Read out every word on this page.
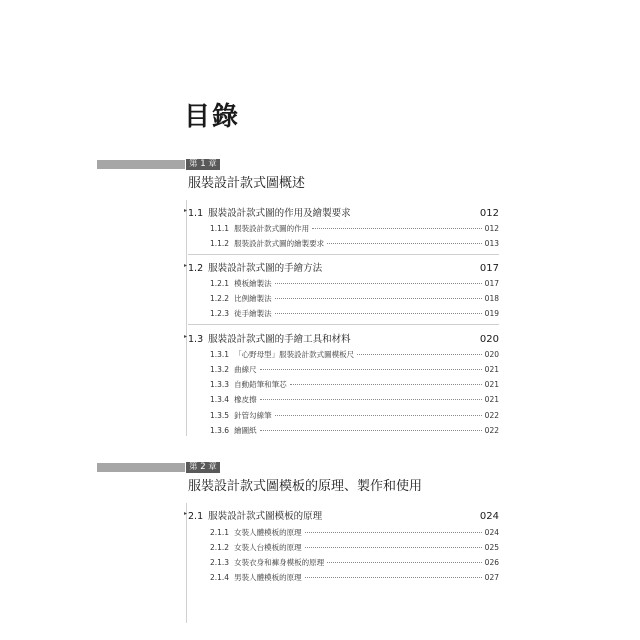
目錄
第 1 章
服裝設計款式圖概述
▸ 1.1 服裝設計款式圖的作用及繪製要求	012
1.1.1 服裝設計款式圖的作用	012
1.1.2 服裝設計款式圖的繪製要求	013
▸ 1.2 服裝設計款式圖的手繪方法	017
1.2.1 模板繪製法	017
1.2.2 比例繪製法	018
1.2.3 徒手繪製法	019
▸ 1.3 服裝設計款式圖的手繪工具和材料	020
1.3.1 「心野母型」服裝設計款式圖模板尺	020
1.3.2 曲線尺	021
1.3.3 自動鉛筆和筆芯	021
1.3.4 橡皮擦	021
1.3.5 針管勾線筆	022
1.3.6 繪圖紙	022
第 2 章
服裝設計款式圖模板的原理、製作和使用
▸ 2.1 服裝設計款式圖模板的原理	024
2.1.1 女裝人體模板的原理	024
2.1.2 女裝人台模板的原理	025
2.1.3 女裝衣身和褲身模板的原理	026
2.1.4 男裝人體模板的原理	027
